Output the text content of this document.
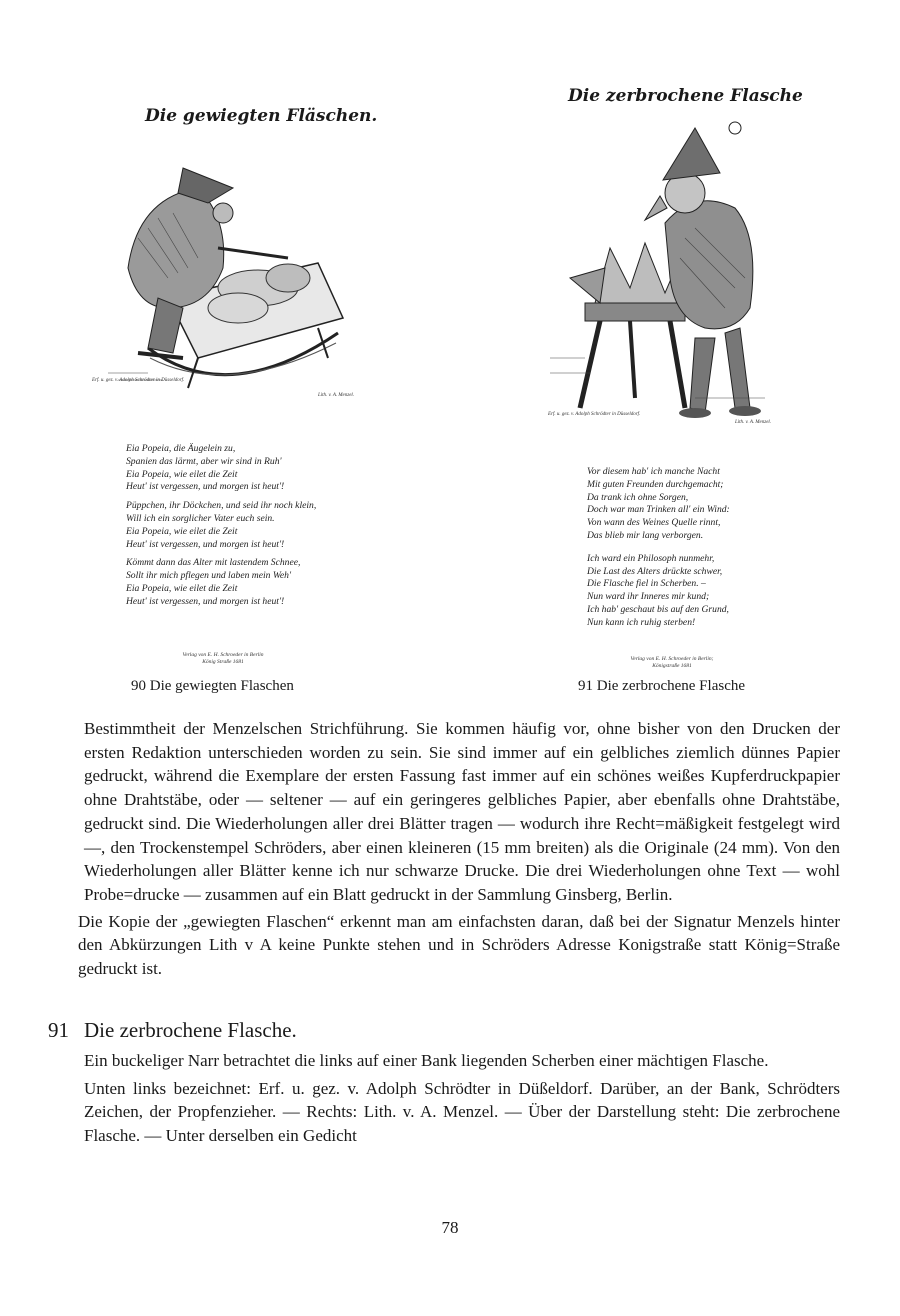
Die gewiegten Fläschen.
Erf. u. gez. v. Adolph Schrödter in Düsseldorf.
Lith. v. A. Menzel.
Eia Popeia, die Äugelein zu,
Spanien das lärmt, aber wir sind in Ruh'
Eia Popeia, wie eilet die Zeit
Heut' ist vergessen, und morgen ist heut'!
Püppchen, ihr Döckchen, und seid ihr noch klein,
Will ich ein sorglicher Vater euch sein.
Eia Popeia, wie eilet die Zeit
Heut' ist vergessen, und morgen ist heut'!
Kömmt dann das Alter mit lastendem Schnee,
Sollt ihr mich pflegen und laben mein Weh'
Eia Popeia, wie eilet die Zeit
Heut' ist vergessen, und morgen ist heut'!
Verlag von E. H. Schroeder in Berlin
König Straße 1681
90 Die gewiegten Flaschen
Die zerbrochene Flasche
Erf. u. gez. v. Adolph Schrödter in Düsseldorf.
Lith. v. A. Menzel.
Vor diesem hab' ich manche Nacht
Mit guten Freunden durchgemacht;
Da trank ich ohne Sorgen,
Doch war man Trinken all' ein Wind:
Von wann des Weines Quelle rinnt,
Das blieb mir lang verborgen.
Ich ward ein Philosoph nunmehr,
Die Last des Alters drückte schwer,
Die Flasche fiel in Scherben. –
Nun ward ihr Inneres mir kund;
Ich hab' geschaut bis auf den Grund,
Nun kann ich ruhig sterben!
Verlag von E. H. Schroeder in Berlin;
Königstraße 1681
91 Die zerbrochene Flasche

Bestimmtheit der Menzelschen Strichführung. Sie kommen häufig vor, ohne bisher von den Drucken der ersten Redaktion unterschieden worden zu sein. Sie sind immer auf ein gelbliches ziemlich dünnes Papier gedruckt, während die Exemplare der ersten Fassung fast immer auf ein schönes weißes Kupferdruckpapier ohne Drahtstäbe, oder — seltener — auf ein geringeres gelbliches Papier, aber ebenfalls ohne Drahtstäbe, gedruckt sind. Die Wiederholungen aller drei Blätter tragen — wodurch ihre Recht=mäßigkeit festgelegt wird —, den Trockenstempel Schröders, aber einen kleineren (15 mm breiten) als die Originale (24 mm). Von den Wiederholungen aller Blätter kenne ich nur schwarze Drucke. Die drei Wiederholungen ohne Text — wohl Probe=drucke — zusammen auf ein Blatt gedruckt in der Sammlung Ginsberg, Berlin.

Die Kopie der „gewiegten Flaschen“ erkennt man am einfachsten daran, daß bei der Signatur Menzels hinter den Abkürzungen Lith v A keine Punkte stehen und in Schröders Adresse Konigstraße statt König=Straße gedruckt ist.

91 Die zerbrochene Flasche.

Ein buckeliger Narr betrachtet die links auf einer Bank liegenden Scherben einer mächtigen Flasche.

Unten links bezeichnet: Erf. u. gez. v. Adolph Schrödter in Düßeldorf. Darüber, an der Bank, Schrödters Zeichen, der Propfenzieher. — Rechts: Lith. v. A. Menzel. — Über der Darstellung steht: Die zerbrochene Flasche. — Unter derselben ein Gedicht

78
